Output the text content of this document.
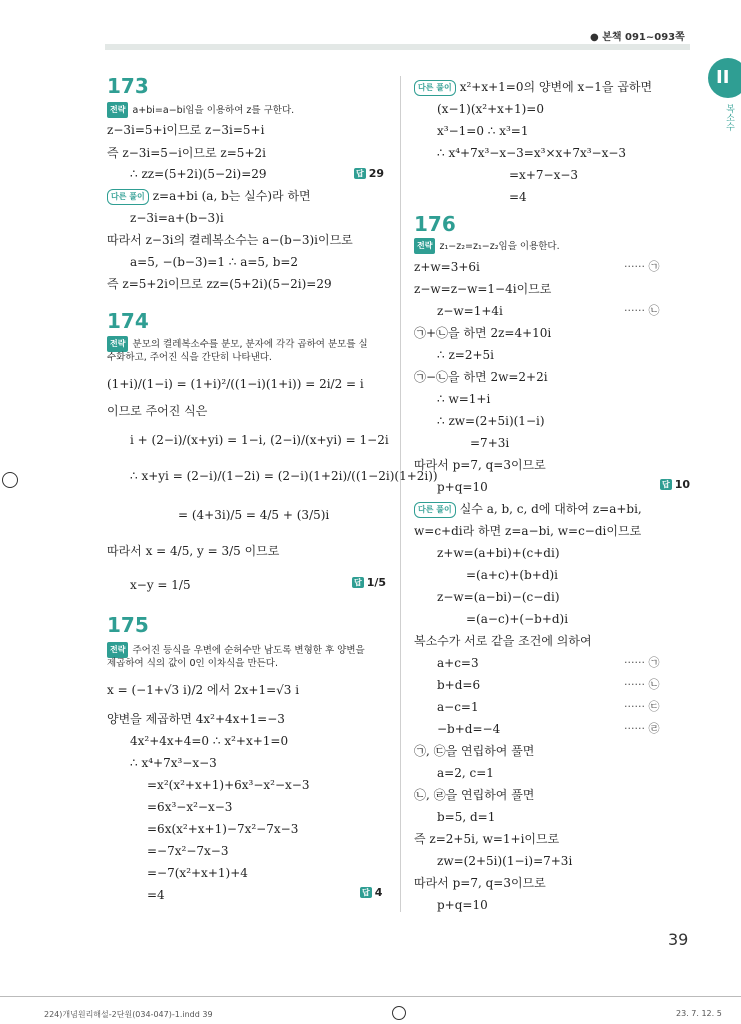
● 본책 091~093쪽
II
복소수
173
전략 a+bi=a−bi임을 이용하여 z를 구한다.
z−3i=5+i이므로 z−3i=5+i
즉 z−3i=5−i이므로 z=5+2i
∴ zz=(5+2i)(5−2i)=29	답 29
다른 풀이 z=a+bi (a, b는 실수)라 하면
z−3i=a+(b−3)i
따라서 z−3i의 켤레복소수는 a−(b−3)i이므로
a=5, −(b−3)=1 ∴ a=5, b=2
즉 z=5+2i이므로 zz=(5+2i)(5−2i)=29
174
전략 분모의 켤레복소수를 분모, 분자에 각각 곱하여 분모를 실
수화하고, 주어진 식을 간단히 나타낸다.
(1+i)/(1−i) = (1+i)²/((1−i)(1+i)) = 2i/2 = i
이므로 주어진 식은
i + (2−i)/(x+yi) = 1−i, (2−i)/(x+yi) = 1−2i
∴ x+yi = (2−i)/(1−2i) = (2−i)(1+2i)/((1−2i)(1+2i))
= (4+3i)/5 = 4/5 + (3/5)i
따라서 x = 4/5, y = 3/5 이므로
x−y = 1/5	답 1/5
175
전략 주어진 등식을 우변에 순허수만 남도록 변형한 후 양변을
제곱하여 식의 값이 0인 이차식을 만든다.
x = (−1+√3 i)/2 에서 2x+1=√3 i
양변을 제곱하면 4x²+4x+1=−3
4x²+4x+4=0 ∴ x²+x+1=0
∴ x⁴+7x³−x−3
=x²(x²+x+1)+6x³−x²−x−3
=6x³−x²−x−3
=6x(x²+x+1)−7x²−7x−3
=−7x²−7x−3
=−7(x²+x+1)+4
=4	답 4
다른 풀이 x²+x+1=0의 양변에 x−1을 곱하면
(x−1)(x²+x+1)=0
x³−1=0 ∴ x³=1
∴ x⁴+7x³−x−3=x³×x+7x³−x−3
=x+7−x−3
=4
176
전략 z₁−z₂=z₁−z₂임을 이용한다.
z+w=3+6i	······ ㉠
z−w=z−w=1−4i이므로
z−w=1+4i	······ ㉡
㉠+㉡을 하면 2z=4+10i
∴ z=2+5i
㉠−㉡을 하면 2w=2+2i
∴ w=1+i
∴ zw=(2+5i)(1−i)
=7+3i
따라서 p=7, q=3이므로
p+q=10	답 10
다른 풀이 실수 a, b, c, d에 대하여 z=a+bi,
w=c+di라 하면 z=a−bi, w=c−di이므로
z+w=(a+bi)+(c+di)
=(a+c)+(b+d)i
z−w=(a−bi)−(c−di)
=(a−c)+(−b+d)i
복소수가 서로 같을 조건에 의하여
a+c=3	······ ㉠
b+d=6	······ ㉡
a−c=1	······ ㉢
−b+d=−4	······ ㉣
㉠, ㉢을 연립하여 풀면
a=2, c=1
㉡, ㉣을 연립하여 풀면
b=5, d=1
즉 z=2+5i, w=1+i이므로
zw=(2+5i)(1−i)=7+3i
따라서 p=7, q=3이므로
p+q=10
39
224)개념원리해설-2단원(034-047)-1.indd 39	23. 7. 12. 5
